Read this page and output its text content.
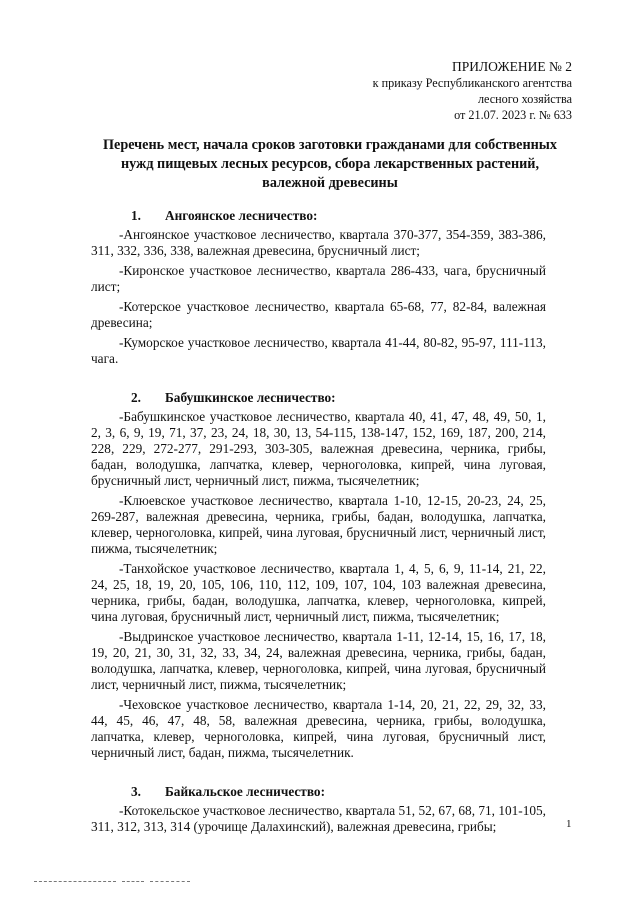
ПРИЛОЖЕНИЕ № 2
к приказу Республиканского агентства
лесного хозяйства
от 21.07. 2023 г. № 633
Перечень мест, начала сроков заготовки гражданами для собственных нужд пищевых лесных ресурсов, сбора лекарственных растений, валежной древесины
1. Ангоянское лесничество:
-Ангоянское участковое лесничество, квартала 370-377, 354-359, 383-386, 311, 332, 336, 338, валежная древесина, брусничный лист;
-Киронское участковое лесничество, квартала 286-433, чага, брусничный лист;
-Котерское участковое лесничество, квартала 65-68, 77, 82-84, валежная древесина;
-Куморское участковое лесничество, квартала 41-44, 80-82, 95-97, 111-113, чага.
2. Бабушкинское лесничество:
-Бабушкинское участковое лесничество, квартала 40, 41, 47, 48, 49, 50, 1, 2, 3, 6, 9, 19, 71, 37, 23, 24, 18, 30, 13, 54-115, 138-147, 152, 169, 187, 200, 214, 228, 229, 272-277, 291-293, 303-305, валежная древесина, черника, грибы, бадан, володушка, лапчатка, клевер, черноголовка, кипрей, чина луговая, брусничный лист, черничный лист, пижма, тысячелетник;
-Клюевское участковое лесничество, квартала 1-10, 12-15, 20-23, 24, 25, 269-287, валежная древесина, черника, грибы, бадан, володушка, лапчатка, клевер, черноголовка, кипрей, чина луговая, брусничный лист, черничный лист, пижма, тысячелетник;
-Танхойское участковое лесничество, квартала 1, 4, 5, 6, 9, 11-14, 21, 22, 24, 25, 18, 19, 20, 105, 106, 110, 112, 109, 107, 104, 103 валежная древесина, черника, грибы, бадан, володушка, лапчатка, клевер, черноголовка, кипрей, чина луговая, брусничный лист, черничный лист, пижма, тысячелетник;
-Выдринское участковое лесничество, квартала 1-11, 12-14, 15, 16, 17, 18, 19, 20, 21, 30, 31, 32, 33, 34, 24, валежная древесина, черника, грибы, бадан, володушка, лапчатка, клевер, черноголовка, кипрей, чина луговая, брусничный лист, черничный лист, пижма, тысячелетник;
-Чеховское участковое лесничество, квартала 1-14, 20, 21, 22, 29, 32, 33, 44, 45, 46, 47, 48, 58, валежная древесина, черника, грибы, володушка, лапчатка, клевер, черноголовка, кипрей, чина луговая, брусничный лист, черничный лист, бадан, пижма, тысячелетник.
3. Байкальское лесничество:
-Котокельское участковое лесничество, квартала 51, 52, 67, 68, 71, 101-105, 311, 312, 313, 314 (урочище Далахинский), валежная древесина, грибы;	1
